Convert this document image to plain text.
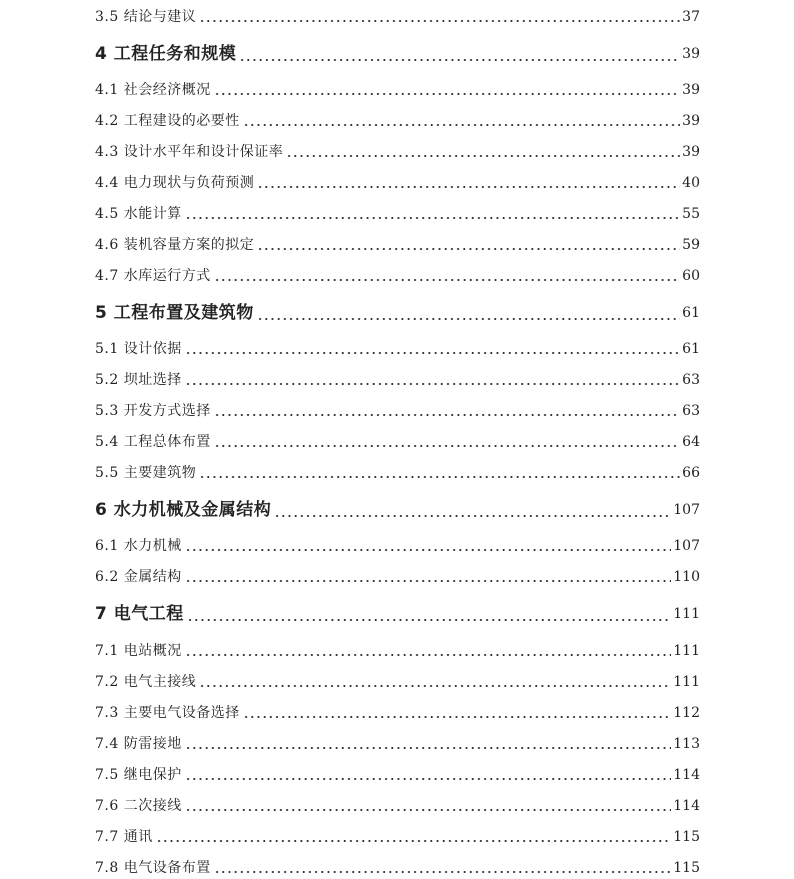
3.5 结论与建议	37
4 工程任务和规模	39
4.1 社会经济概况	39
4.2 工程建设的必要性	39
4.3 设计水平年和设计保证率	39
4.4 电力现状与负荷预测	40
4.5 水能计算	55
4.6 装机容量方案的拟定	59
4.7 水库运行方式	60
5 工程布置及建筑物	61
5.1 设计依据	61
5.2 坝址选择	63
5.3 开发方式选择	63
5.4 工程总体布置	64
5.5 主要建筑物	66
6 水力机械及金属结构	107
6.1 水力机械	107
6.2 金属结构	110
7 电气工程	111
7.1 电站概况	111
7.2 电气主接线	111
7.3 主要电气设备选择	112
7.4 防雷接地	113
7.5 继电保护	114
7.6 二次接线	114
7.7 通讯	115
7.8 电气设备布置	115
